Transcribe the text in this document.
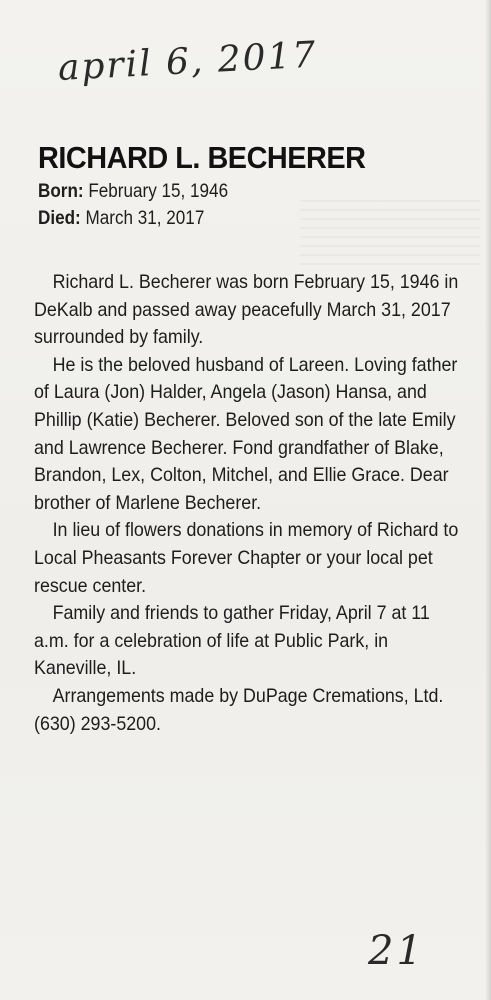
april 6, 2017
RICHARD L. BECHERER
Born: February 15, 1946
Died: March 31, 2017

Richard L. Becherer was born February 15, 1946 in DeKalb and passed away peacefully March 31, 2017 surrounded by family.

He is the beloved husband of Lareen. Loving father of Laura (Jon) Halder, Angela (Jason) Hansa, and Phillip (Katie) Becherer. Beloved son of the late Emily and Lawrence Becherer. Fond grandfather of Blake, Brandon, Lex, Colton, Mitchel, and Ellie Grace. Dear brother of Marlene Becherer.

In lieu of flowers donations in memory of Richard to Local Pheasants Forever Chapter or your local pet rescue center.

Family and friends to gather Friday, April 7 at 11 a.m. for a celebration of life at Public Park, in Kaneville, IL.

Arrangements made by DuPage Cremations, Ltd. (630) 293-5200.

21
